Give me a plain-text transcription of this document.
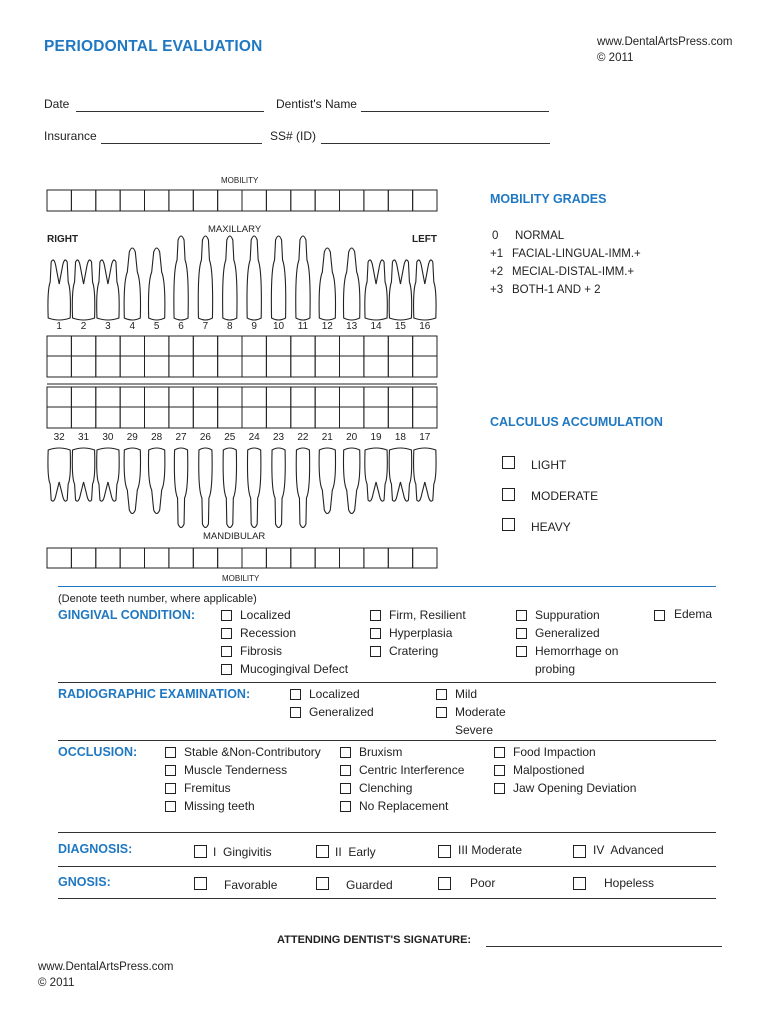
PERIODONTAL EVALUATION	www.DentalArtsPress.com
© 2011
Date	Dentist's Name
Insurance	SS# (ID)
MOBILITY
MAXILLARY
RIGHT	LEFT
MANDIBULAR
MOBILITY
1	2	3	4	5	6	7	8	9	10 11 12 13 14 15 16
32 31 30 29 28 27 26 25 24 23 22 21 20 19 18 17
MOBILITY GRADES
0 NORMAL
+1 FACIAL-LINGUAL-IMM.+
+2 MECIAL-DISTAL-IMM.+
+3 BOTH-1 AND + 2
CALCULUS ACCUMULATION
LIGHT
MODERATE
HEAVY
(Denote teeth number, where applicable)
GINGIVAL CONDITION:	Localized
Recession
Fibrosis
Mucogingival Defect
Firm, Resilient
Hyperplasia
Cratering
Suppuration
Generalized
Hemorrhage on
probing
Edema
RADIOGRAPHIC EXAMINATION:	Localized
Generalized
Mild
Moderate
Severe
OCCLUSION:	Stable &Non-Contributory
Muscle Tenderness
Fremitus
Missing teeth
Bruxism
Centric Interference
Clenching
No Replacement
Food Impaction
Malpostioned
Jaw Opening Deviation
DIAGNOSIS:	I  Gingivitis	II  Early	III Moderate	IV  Advanced
GNOSIS:	Favorable	Guarded	Poor	Hopeless
ATTENDING DENTIST'S SIGNATURE:
www.DentalArtsPress.com
© 2011
